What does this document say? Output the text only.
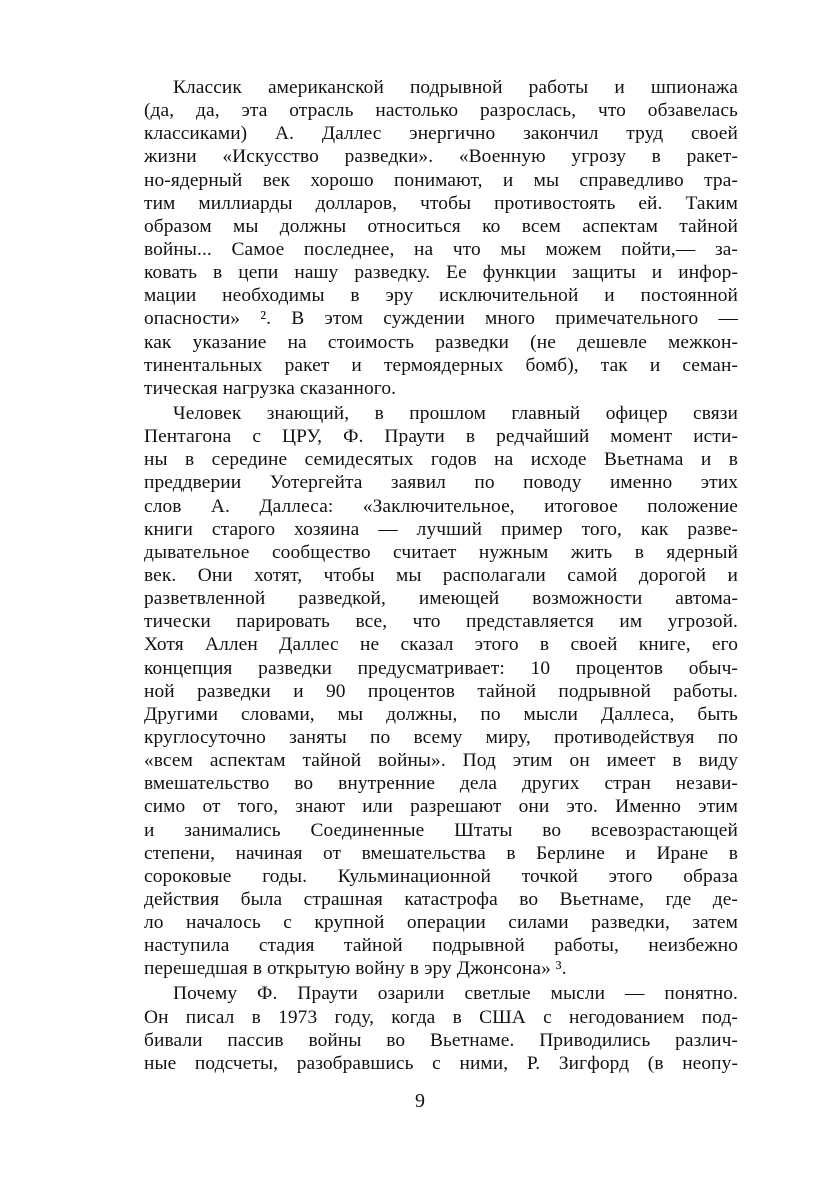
Классик американской подрывной работы и шпионажа
(да, да, эта отрасль настолько разрослась, что обзавелась
классиками) А. Даллес энергично закончил труд своей
жизни «Искусство разведки». «Военную угрозу в ракет-
но-ядерный век хорошо понимают, и мы справедливо тра-
тим миллиарды долларов, чтобы противостоять ей. Таким
образом мы должны относиться ко всем аспектам тайной
войны... Самое последнее, на что мы можем пойти,— за-
ковать в цепи нашу разведку. Ее функции защиты и инфор-
мации необходимы в эру исключительной и постоянной
опасности» ². В этом суждении много примечательного —
как указание на стоимость разведки (не дешевле межкон-
тинентальных ракет и термоядерных бомб), так и семан-
тическая нагрузка сказанного.
Человек знающий, в прошлом главный офицер связи
Пентагона с ЦРУ, Ф. Праути в редчайший момент исти-
ны в середине семидесятых годов на исходе Вьетнама и в
преддверии Уотергейта заявил по поводу именно этих
слов А. Даллеса: «Заключительное, итоговое положение
книги старого хозяина — лучший пример того, как разве-
дывательное сообщество считает нужным жить в ядерный
век. Они хотят, чтобы мы располагали самой дорогой и
разветвленной разведкой, имеющей возможности автома-
тически парировать все, что представляется им угрозой.
Хотя Аллен Даллес не сказал этого в своей книге, его
концепция разведки предусматривает: 10 процентов обыч-
ной разведки и 90 процентов тайной подрывной работы.
Другими словами, мы должны, по мысли Даллеса, быть
круглосуточно заняты по всему миру, противодействуя по
«всем аспектам тайной войны». Под этим он имеет в виду
вмешательство во внутренние дела других стран незави-
симо от того, знают или разрешают они это. Именно этим
и занимались Соединенные Штаты во всевозрастающей
степени, начиная от вмешательства в Берлине и Иране в
сороковые годы. Кульминационной точкой этого образа
действия была страшная катастрофа во Вьетнаме, где де-
ло началось с крупной операции силами разведки, затем
наступила стадия тайной подрывной работы, неизбежно
перешедшая в открытую войну в эру Джонсона» ³.
Почему Ф. Праути озарили светлые мысли — понятно.
Он писал в 1973 году, когда в США с негодованием под-
бивали пассив войны во Вьетнаме. Приводились различ-
ные подсчеты, разобравшись с ними, Р. Зигфорд (в неопу-
9
